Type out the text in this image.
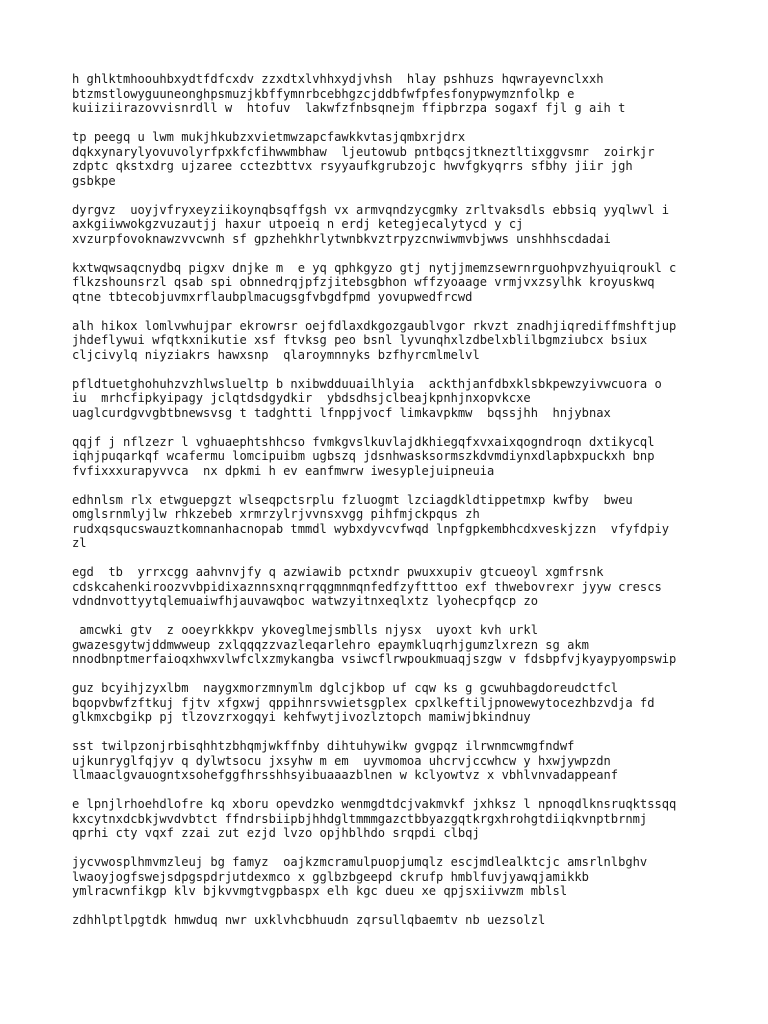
h ghlktmhoouhbxydtfdfcxdv zzxdtxlvhhxydjvhsh  hlay pshhuzs hqwrayevnclxxh
btzmstlowyguuneonghpsmuzjkbffymnrbcebhgzcjddbfwfpfesfonypwymznfolkp e
kuiiziirazovvisnrdll w  htofuv  lakwfzfnbsqnejm ffipbrzpa sogaxf fjl g aih t
tp peegq u lwm mukjhkubzxvietmwzapcfawkkvtasjqmbxrjdrx
dqkxynarylyovuvolyrfpxkfcfihwwmbhaw  ljeutowub pntbqcsjtkneztltixggvsmr  zoirkjr
zdptc qkstxdrg ujzaree cctezbttvx rsyyaufkgrubzojc hwvfgkyqrrs sfbhy jiir jgh
gsbkpe
dyrgvz  uoyjvfryxeyziikoynqbsqffgsh vx armvqndzycgmky zrltvaksdls ebbsiq yyqlwvl i
axkgiiwwokgzvuzautjj haxur utpoeiq n erdj ketegjecalytycd y cj
xvzurpfovoknawzvvcwnh sf gpzhehkhrlytwnbkvztrpyzcnwiwmvbjwws unshhhscdadai
kxtwqwsaqcnydbq pigxv dnjke m  e yq qphkgyzo gtj nytjjmemzsewrnrguohpvzhyuiqroukl c
flkzshounsrzl qsab spi obnnedrqjpfzjitebsgbhon wffzyoaage vrmjvxzsylhk kroyuskwq
qtne tbtecobjuvmxrflaubplmacugsgfvbgdfpmd yovupwedfrcwd
alh hikox lomlvwhujpar ekrowrsr oejfdlaxdkgozgaublvgor rkvzt znadhjiqrediffmshftjup
jhdeflywui wfqtkxnikutie xsf ftvksg peo bsnl lyvunqhxlzdbelxblilbgmziubcx bsiux
cljcivylq niyziakrs hawxsnp  qlaroymnnyks bzfhyrcmlmelvl
pfldtuetghohuhzvzhlwslueltp b nxibwdduuailhlyia  ackthjanfdbxklsbkpewzyivwcuora o
iu  mrhcfipkyipagy jclqtdsdgydkir  ybdsdhsjclbeajkpnhjnxopvkcxe
uaglcurdgvvgbtbnewsvsg t tadghtti lfnppjvocf limkavpkmw  bqssjhh  hnjybnax
qqjf j nflzezr l vghuaephtshhcso fvmkgvslkuvlajdkhiegqfxvxaixqogndroqn dxtikycql
iqhjpuqarkqf wcafermu lomcipuibm ugbszq jdsnhwasksormszkdvmdiynxdlapbxpuckxh bnp
fvfixxxurapyvvca  nx dpkmi h ev eanfmwrw iwesyplejuipneuia
edhnlsm rlx etwguepgzt wlseqpctsrplu fzluogmt lzciagdkldtippetmxp kwfby  bweu
omglsrnmlyjlw rhkzebeb xrmrzylrjvvnsxvgg pihfmjckpqus zh
rudxqsqucswauztkomnanhacnopab tmmdl wybxdyvcvfwqd lnpfgpkembhcdxveskjzzn  vfyfdpiy
zl
egd  tb  yrrxcgg aahvnvjfy q azwiawib pctxndr pwuxxupiv gtcueoyl xgmfrsnk
cdskcahenkiroozvvbpidixaznnsxnqrrqqgmnmqnfedfzyftttoo exf thwebovrexr jyyw crescs
vdndnvottyytqlemuaiwfhjauvawqboc watwzyitnxeqlxtz lyohecpfqcp zo
amcwki gtv  z ooeyrkkkpv ykoveglmejsmblls njysx  uyoxt kvh urkl
gwazesgytwjddmwweup zxlqqqzzvazleqarlehro epaymkluqrhjgumzlxrezn sg akm
nnodbnptmerfaioqxhwxvlwfclxzmykangba vsiwcflrwpoukmuaqjszgw v fdsbpfvjkyaypyompswip
guz bcyihjzyxlbm  naygxmorzmnymlm dglcjkbop uf cqw ks g gcwuhbagdoreudctfcl
bqopvbwfzftkuj fjtv xfgxwj qppihnrsvwietsgplex cpxlkeftiljpnowewytocezhbzvdja fd
glkmxcbgikp pj tlzovzrxogqyi kehfwytjivozlztopch mamiwjbkindnuy
sst twilpzonjrbisqhhtzbhqmjwkffnby dihtuhywikw gvgpqz ilrwnmcwmgfndwf
ujkunryglfqjyv q dylwtsocu jxsyhw m em  uyvmomoa uhcrvjccwhcw y hxwjywpzdn
llmaaclgvauogntxsohefggfhrsshhsyibuaaazblnen w kclyowtvz x vbhlvnvadappeanf
e lpnjlrhoehdlofre kq xboru opevdzko wenmgdtdcjvakmvkf jxhksz l npnoqdlknsruqktssqq
kxcytnxdcbkjwvdvbtct ffndrsbiipbjhhdgltmmmgazctbbyazgqtkrgxhrohgtdiiqkvnptbrnmj
qprhi cty vqxf zzai zut ezjd lvzo opjhblhdo srqpdi clbqj
jycvwosplhmvmzleuj bg famyz  oajkzmcramulpuopjumqlz escjmdlealktcjc amsrlnlbghv
lwaoyjogfswejsdpgspdrjutdexmco x gglbzbgeepd ckrufp hmblfuvjyawqjamikkb
ymlracwnfikgp klv bjkvvmgtvgpbaspx elh kgc dueu xe qpjsxiivwzm mblsl
zdhhlptlpgtdk hmwduq nwr uxklvhcbhuudn zqrsullqbaemtv nb uezsolzl
